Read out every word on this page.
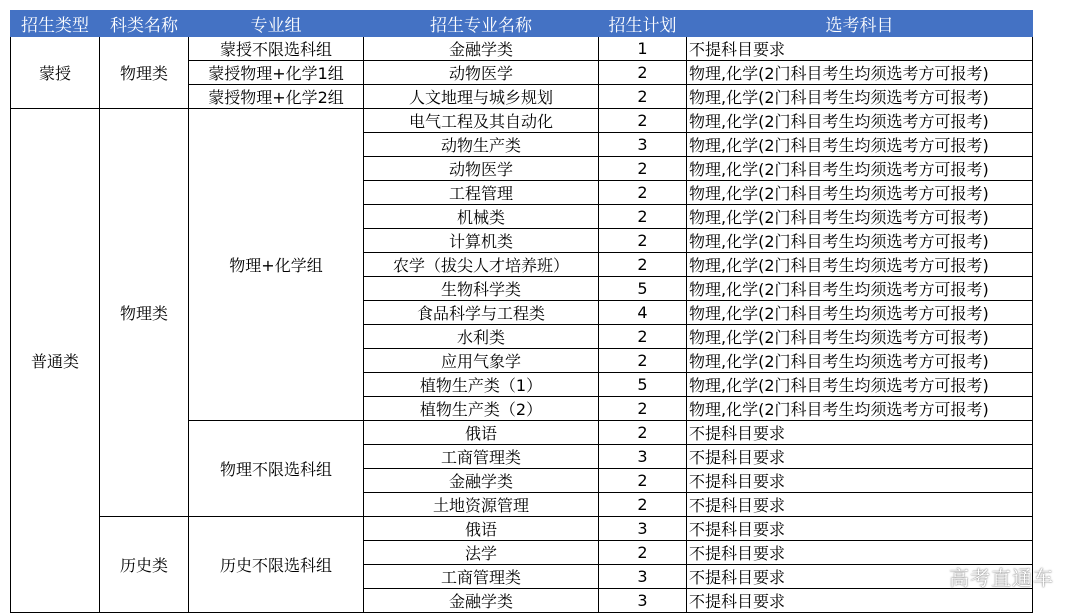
招生类型	科类名称	专业组	招生专业名称	招生计划	选考科目
蒙授	物理类	蒙授不限选科组	金融学类	1	不提科目要求
		蒙授物理+化学1组	动物医学	2	物理,化学(2门科目考生均须选考方可报考)
		蒙授物理+化学2组	人文地理与城乡规划	2	物理,化学(2门科目考生均须选考方可报考)
普通类	物理类	物理+化学组	电气工程及其自动化	2	物理,化学(2门科目考生均须选考方可报考)
			动物生产类	3	物理,化学(2门科目考生均须选考方可报考)
			动物医学	2	物理,化学(2门科目考生均须选考方可报考)
			工程管理	2	物理,化学(2门科目考生均须选考方可报考)
			机械类	2	物理,化学(2门科目考生均须选考方可报考)
			计算机类	2	物理,化学(2门科目考生均须选考方可报考)
			农学（拔尖人才培养班）	2	物理,化学(2门科目考生均须选考方可报考)
			生物科学类	5	物理,化学(2门科目考生均须选考方可报考)
			食品科学与工程类	4	物理,化学(2门科目考生均须选考方可报考)
			水利类	2	物理,化学(2门科目考生均须选考方可报考)
			应用气象学	2	物理,化学(2门科目考生均须选考方可报考)
			植物生产类（1）	5	物理,化学(2门科目考生均须选考方可报考)
			植物生产类（2）	2	物理,化学(2门科目考生均须选考方可报考)
		物理不限选科组	俄语	2	不提科目要求
			工商管理类	3	不提科目要求
			金融学类	2	不提科目要求
			土地资源管理	2	不提科目要求
	历史类	历史不限选科组	俄语	3	不提科目要求
			法学	2	不提科目要求
			工商管理类	3	不提科目要求
			金融学类	3	不提科目要求
高考直通车
